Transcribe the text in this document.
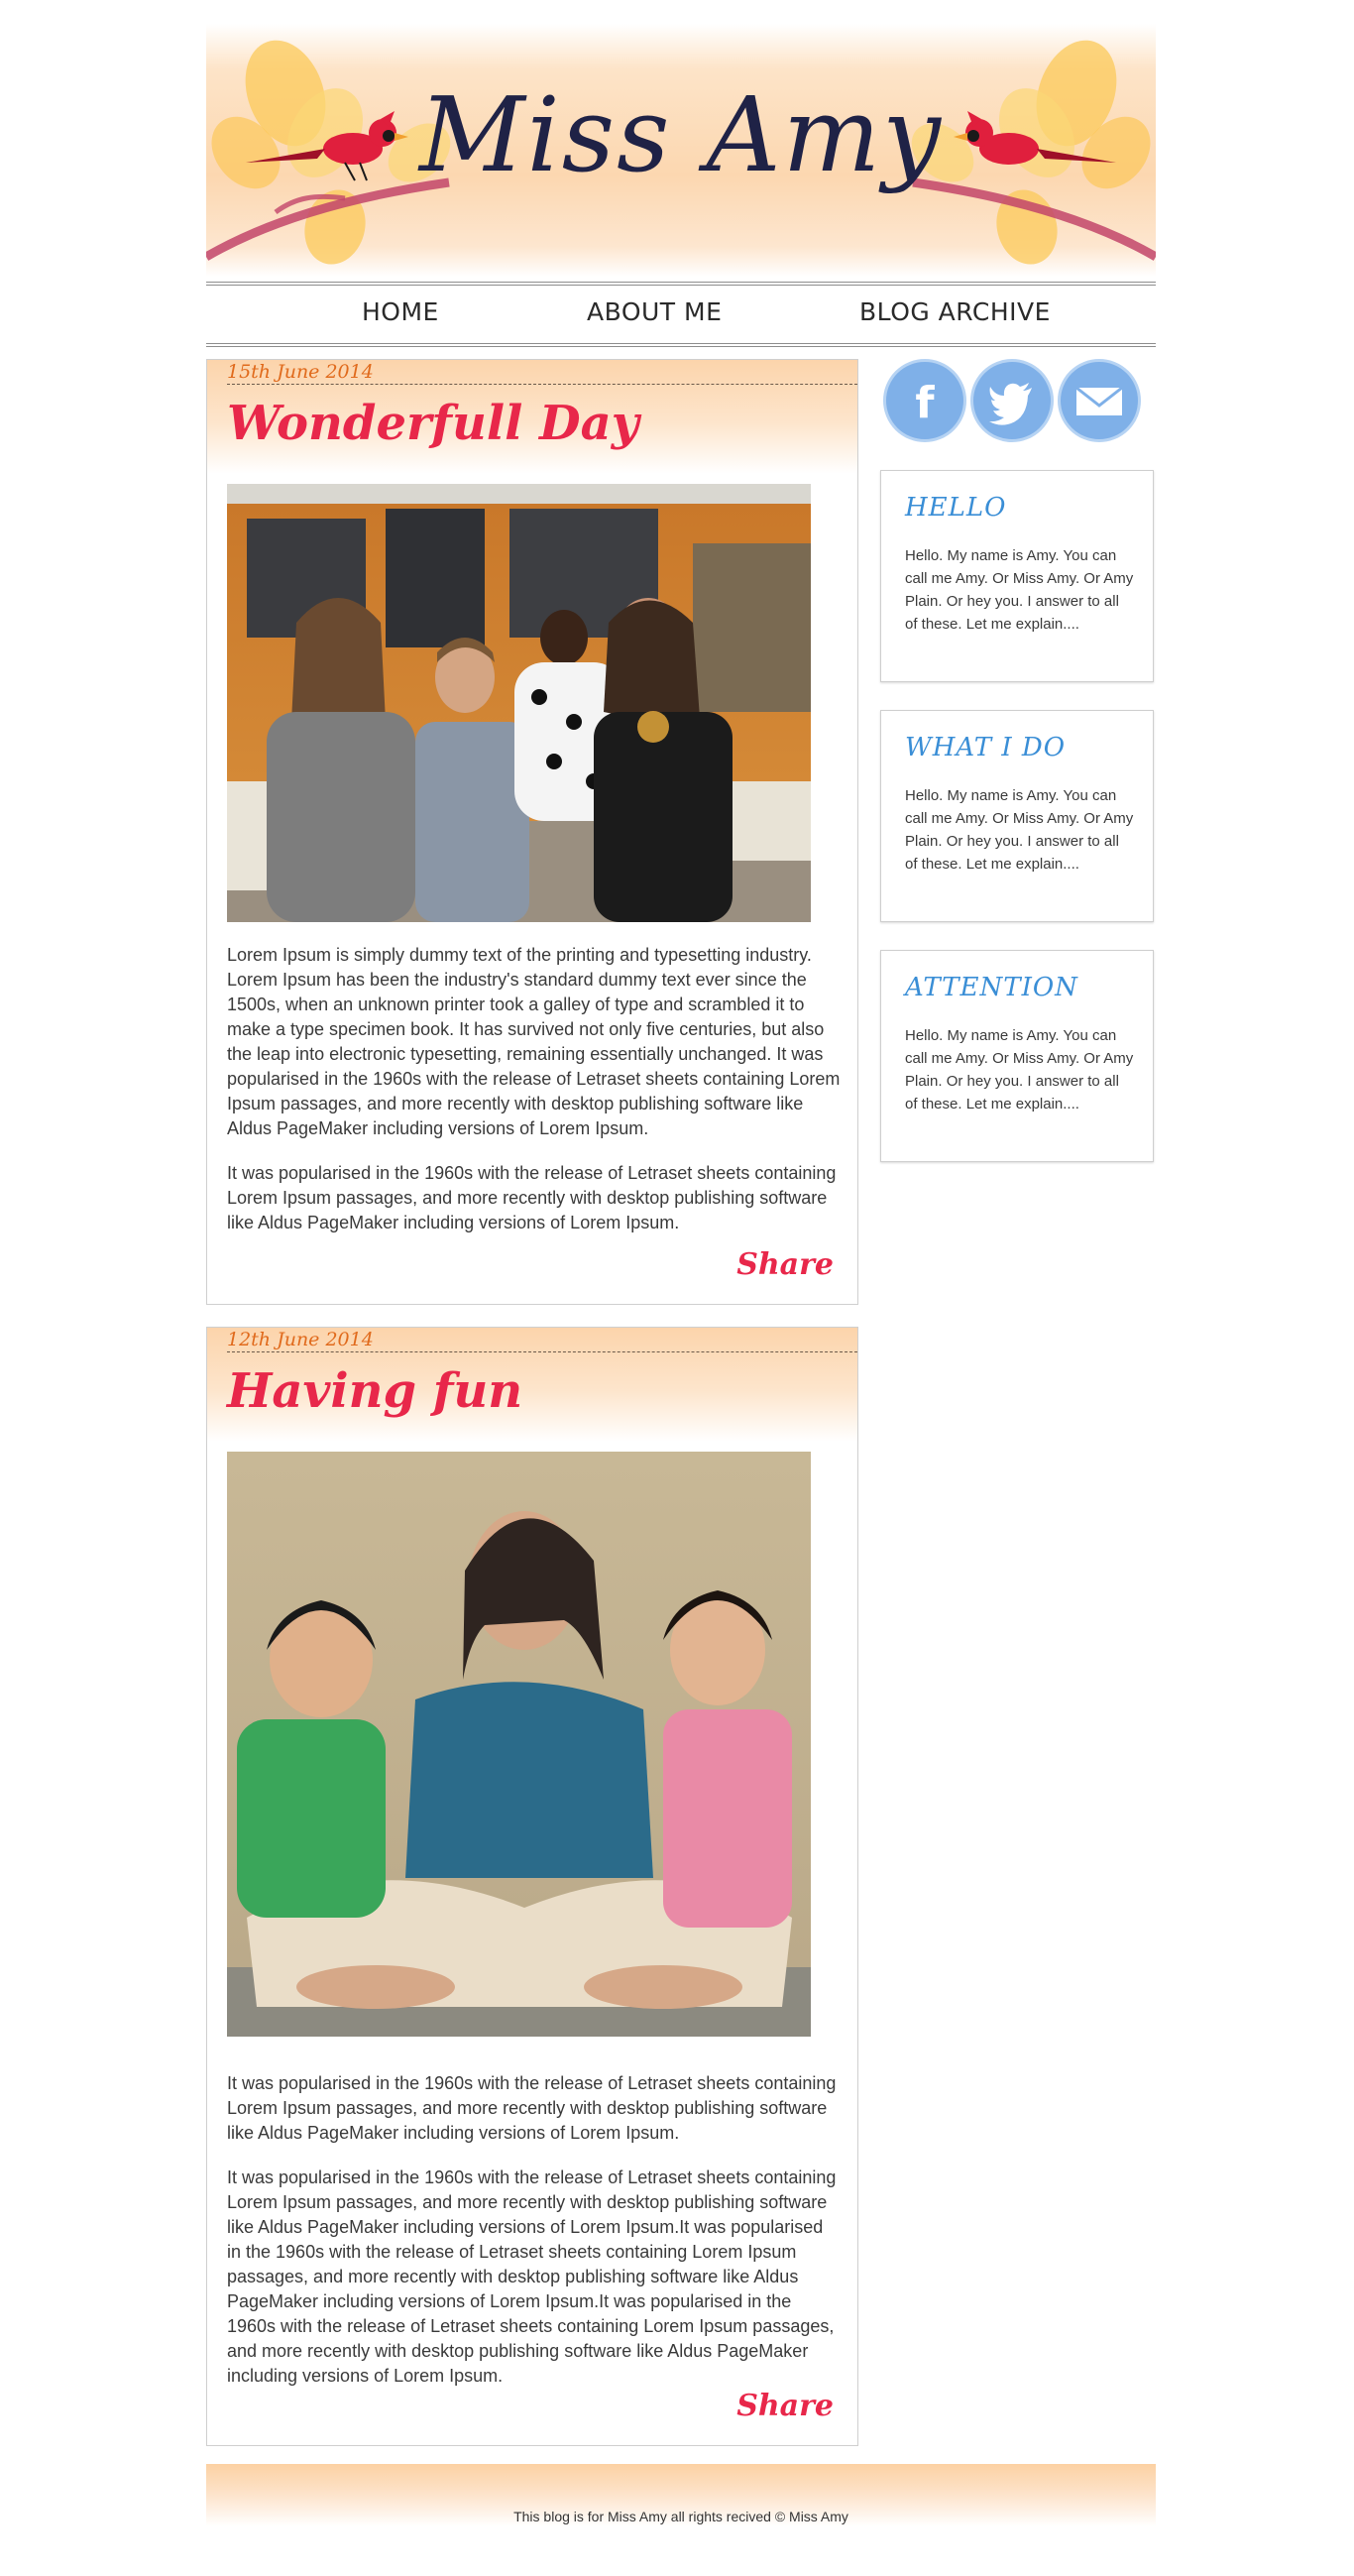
Miss Amy
HOME	ABOUT ME	BLOG ARCHIVE
15th June 2014
Wonderfull Day

Lorem Ipsum is simply dummy text of the printing and typesetting industry. Lorem Ipsum has been the industry's standard dummy text ever since the 1500s, when an unknown printer took a galley of type and scrambled it to make a type specimen book. It has survived not only five centuries, but also the leap into electronic typesetting, remaining essentially unchanged. It was popularised in the 1960s with the release of Letraset sheets containing Lorem Ipsum passages, and more recently with desktop publishing software like Aldus PageMaker including versions of Lorem Ipsum.

It was popularised in the 1960s with the release of Letraset sheets containing Lorem Ipsum passages, and more recently with desktop publishing software like Aldus PageMaker including versions of Lorem Ipsum.

Share
12th June 2014
Having fun

It was popularised in the 1960s with the release of Letraset sheets containing Lorem Ipsum passages, and more recently with desktop publishing software like Aldus PageMaker including versions of Lorem Ipsum.

It was popularised in the 1960s with the release of Letraset sheets containing Lorem Ipsum passages, and more recently with desktop publishing software like Aldus PageMaker including versions of Lorem Ipsum.It was popularised in the 1960s with the release of Letraset sheets containing Lorem Ipsum passages, and more recently with desktop publishing software like Aldus PageMaker including versions of Lorem Ipsum.It was popularised in the 1960s with the release of Letraset sheets containing Lorem Ipsum passages, and more recently with desktop publishing software like Aldus PageMaker including versions of Lorem Ipsum.

Share
f
HELLO

Hello. My name is Amy. You can call me Amy. Or Miss Amy. Or Amy Plain. Or hey you. I answer to all of these. Let me explain....

WHAT I DO

Hello. My name is Amy. You can call me Amy. Or Miss Amy. Or Amy Plain. Or hey you. I answer to all of these. Let me explain....

ATTENTION

Hello. My name is Amy. You can call me Amy. Or Miss Amy. Or Amy Plain. Or hey you. I answer to all of these. Let me explain....

This blog is for Miss Amy all rights recived © Miss Amy
